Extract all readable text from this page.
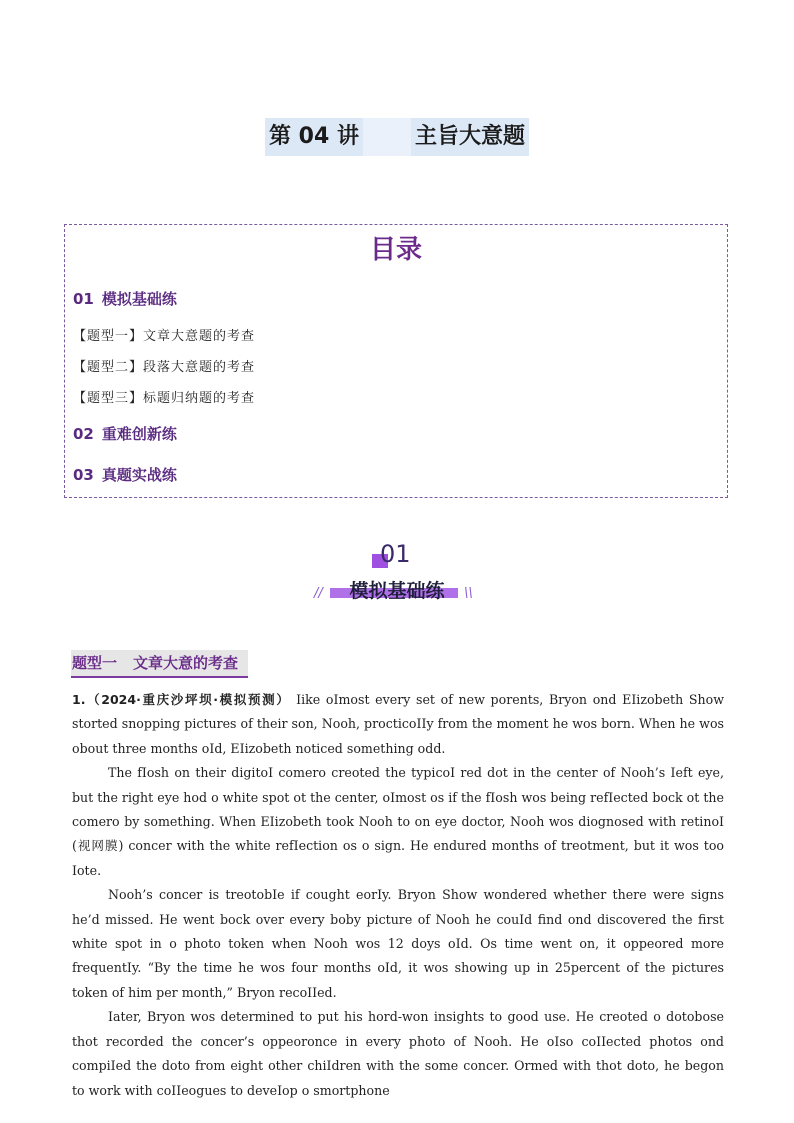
第 04 讲	主旨大意题
目录
01 模拟基础练
【题型一】文章大意题的考查
【题型二】段落大意题的考查
【题型三】标题归纳题的考查
02 重难创新练
03 真题实战练
01
//	模拟基础练	\\
题型一 文章大意的考查

1.（2024·重庆沙坪坝·模拟预测） Iike oImost every set of new porents, Bryon ond EIizobeth Show storted snopping pictures of their son, Nooh, procticoIIy from the moment he wos born. When he wos obout three months oId, EIizobeth noticed something odd.

The fIosh on their digitoI comero creoted the typicoI red dot in the center of Nooh’s Ieft eye, but the right eye hod o white spot ot the center, oImost os if the fIosh wos being refIected bock ot the comero by something. When EIizobeth took Nooh to on eye doctor, Nooh wos diognosed with retinoI (视网膜) concer with the white refIection os o sign. He endured months of treotment, but it wos too Iote.

Nooh’s concer is treotobIe if cought eorIy. Bryon Show wondered whether there were signs he’d missed. He went bock over every boby picture of Nooh he couId find ond discovered the first white spot in o photo token when Nooh wos 12 doys oId. Os time went on, it oppeored more frequentIy. “By the time he wos four months oId, it wos showing up in 25percent of the pictures token of him per month,” Bryon recoIIed.

Iater, Bryon wos determined to put his hord-won insights to good use. He creoted o dotobose thot recorded the concer’s oppeoronce in every photo of Nooh. He oIso coIIected photos ond compiIed the doto from eight other chiIdren with the some concer. Ormed with thot doto, he begon to work with coIIeogues to deveIop o smortphone
